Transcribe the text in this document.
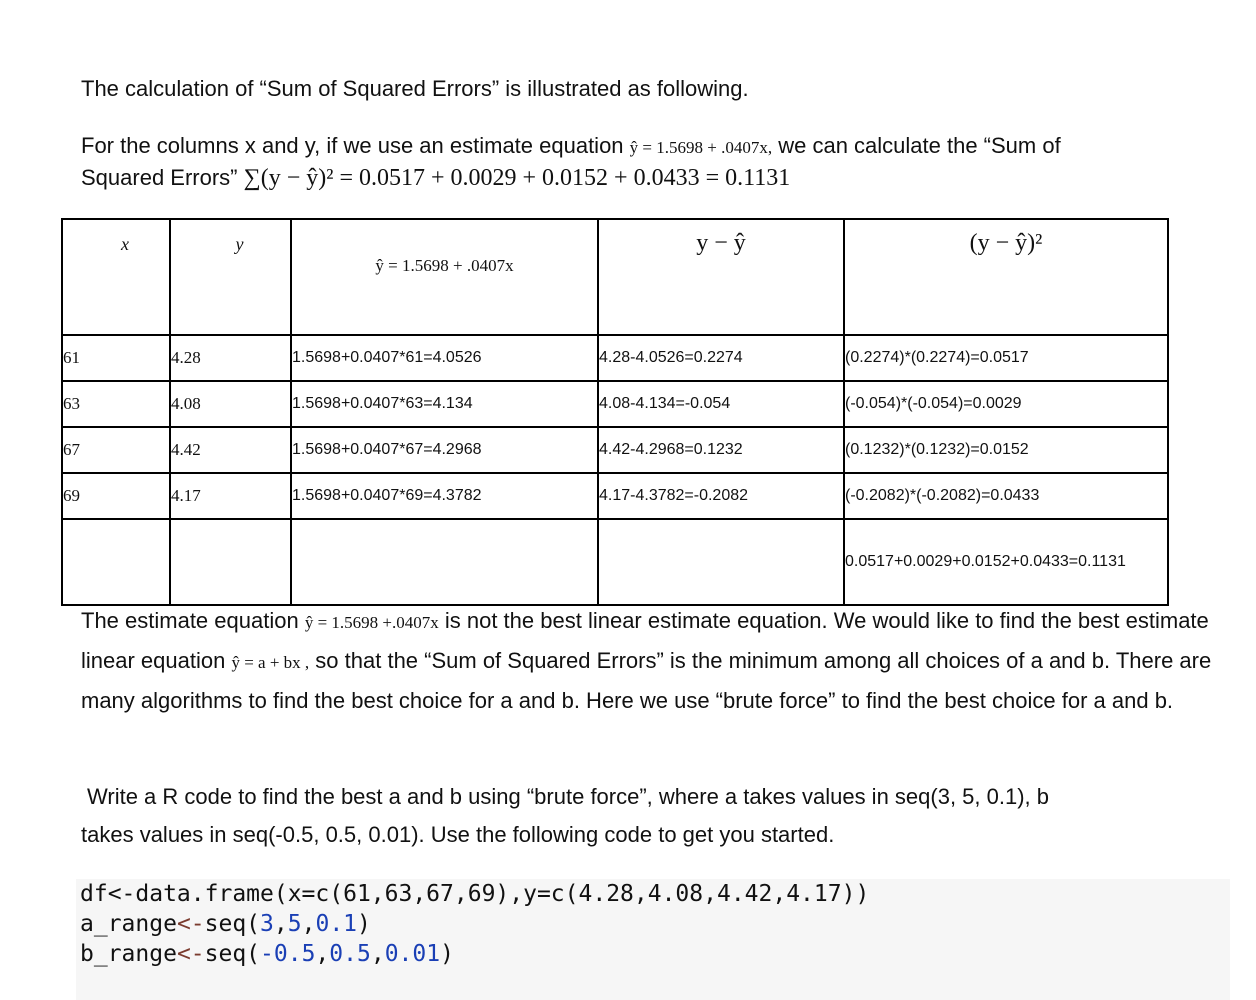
The calculation of “Sum of Squared Errors” is illustrated as following.

For the columns x and y, if we use an estimate equation ŷ = 1.5698 + .0407x, we can calculate the “Sum of
Squared Errors” ∑(y − ŷ)² = 0.0517 + 0.0029 + 0.0152 + 0.0433 = 0.1131

x	y	ŷ = 1.5698 + .0407x	y − ŷ	(y − ŷ)²

61	4.28	1.5698+0.0407*61=4.0526	4.28-4.0526=0.2274	(0.2274)*(0.2274)=0.0517
63	4.08	1.5698+0.0407*63=4.134	4.08-4.134=-0.054	(-0.054)*(-0.054)=0.0029
67	4.42	1.5698+0.0407*67=4.2968	4.42-4.2968=0.1232	(0.1232)*(0.1232)=0.0152
69	4.17	1.5698+0.0407*69=4.3782	4.17-4.3782=-0.2082	(-0.2082)*(-0.2082)=0.0433
				0.0517+0.0029+0.0152+0.0433=0.1131

The estimate equation ŷ = 1.5698 +.0407x is not the best linear estimate equation. We would like to find the best estimate linear equation ŷ = a + bx , so that the “Sum of Squared Errors” is the minimum among all choices of a and b. There are many algorithms to find the best choice for a and b. Here we use “brute force” to find the best choice for a and b.

Write a R code to find the best a and b using “brute force”, where a takes values in seq(3, 5, 0.1), b
takes values in seq(-0.5, 0.5, 0.01). Use the following code to get you started.

df<-data.frame(x=c(61,63,67,69),y=c(4.28,4.08,4.42,4.17))
a_range<-seq(3,5,0.1)
b_range<-seq(-0.5,0.5,0.01)
